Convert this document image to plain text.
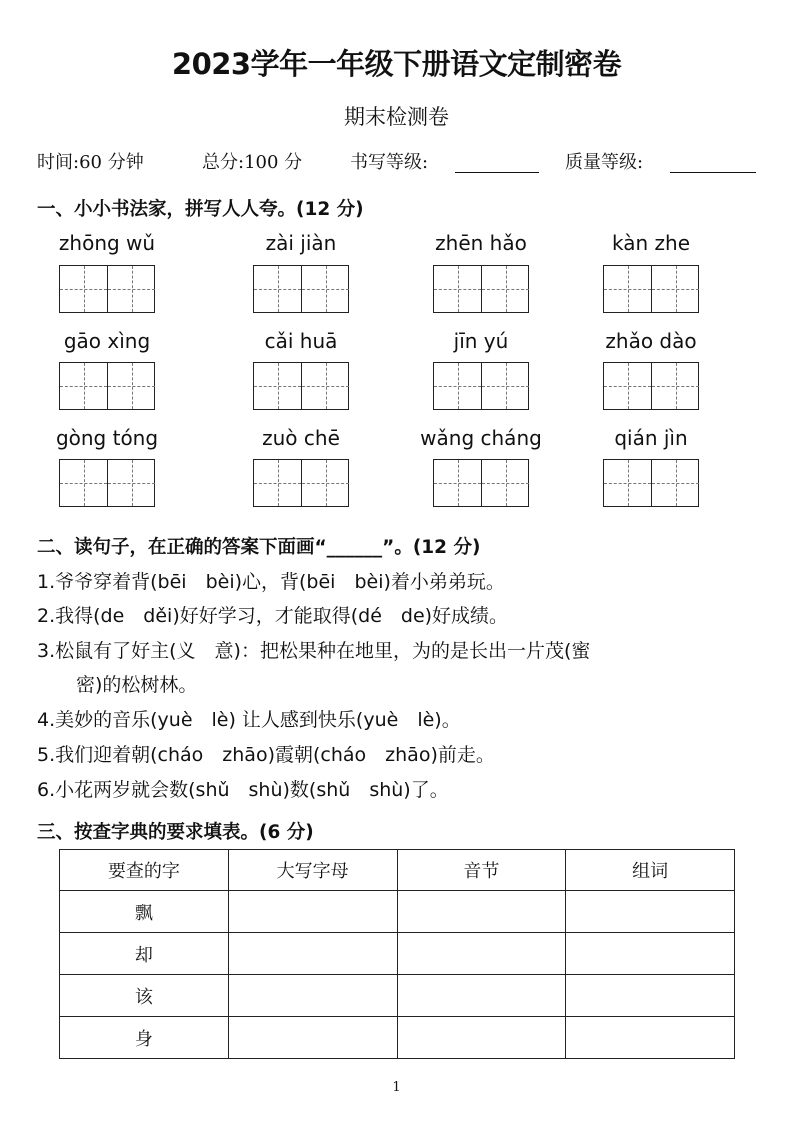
2023学年一年级下册语文定制密卷
期末检测卷
时间:60 分钟	总分:100 分	书写等级:	质量等级:
一、小小书法家，拼写人人夸。(12 分)
zhōng wǔ	zài jiàn	zhēn hǎo	kàn zhe
gāo xìng	cǎi huā	jīn yú	zhǎo dào
gòng tóng	zuò chē	wǎng cháng	qián jìn
二、读句子，在正确的答案下面画“______”。(12 分)
1.爷爷穿着背(bēi　bèi)心，背(bēi　bèi)着小弟弟玩。
2.我得(de　děi)好好学习，才能取得(dé　de)好成绩。
3.松鼠有了好主(义　意)：把松果种在地里，为的是长出一片茂(蜜
密)的松树林。
4.美妙的音乐(yuè　lè) 让人感到快乐(yuè　lè)。
5.我们迎着朝(cháo　zhāo)霞朝(cháo　zhāo)前走。
6.小花两岁就会数(shǔ　shù)数(shǔ　shù)了。
三、按查字典的要求填表。(6 分)
要查的字	大写字母	音节	组词
飘			
却			
该			
身			
1
